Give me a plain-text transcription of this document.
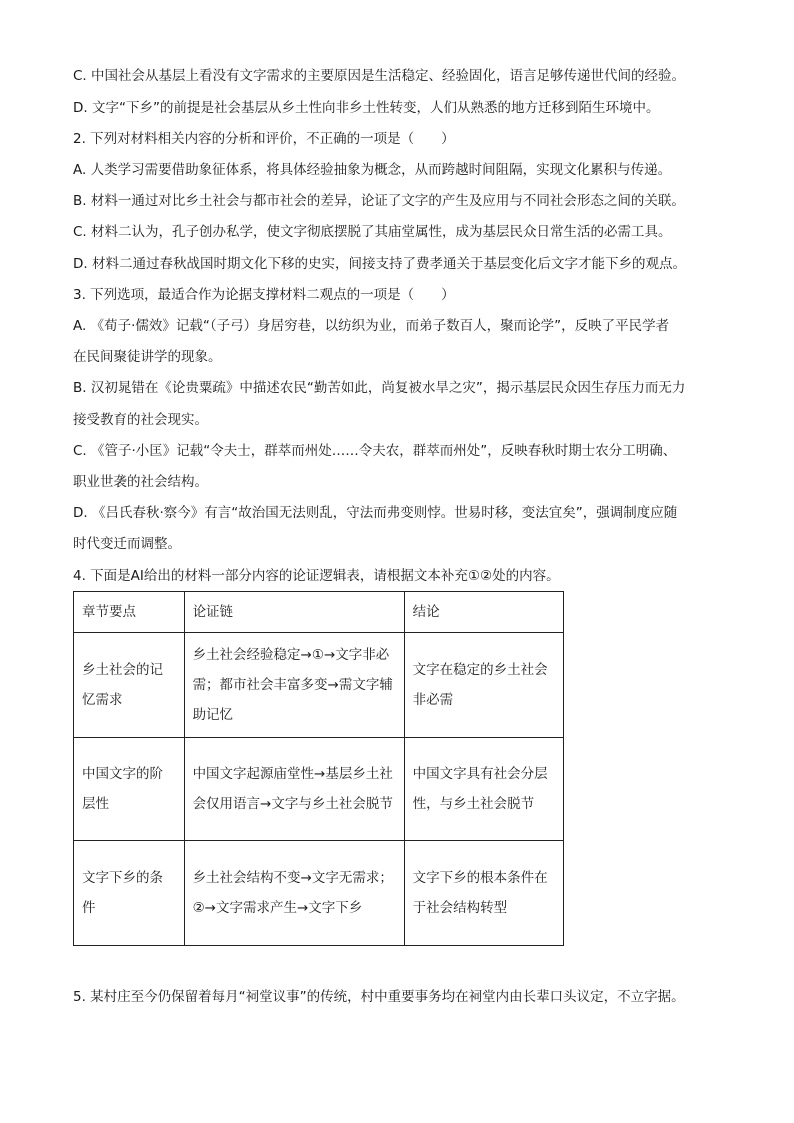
C. 中国社会从基层上看没有文字需求的主要原因是生活稳定、经验固化，语言足够传递世代间的经验。
D. 文字“下乡”的前提是社会基层从乡土性向非乡土性转变，人们从熟悉的地方迁移到陌生环境中。
2. 下列对材料相关内容的分析和评价，不正确的一项是（　　）
A. 人类学习需要借助象征体系，将具体经验抽象为概念，从而跨越时间阻隔，实现文化累积与传递。
B. 材料一通过对比乡土社会与都市社会的差异，论证了文字的产生及应用与不同社会形态之间的关联。
C. 材料二认为，孔子创办私学，使文字彻底摆脱了其庙堂属性，成为基层民众日常生活的必需工具。
D. 材料二通过春秋战国时期文化下移的史实，间接支持了费孝通关于基层变化后文字才能下乡的观点。
3. 下列选项，最适合作为论据支撑材料二观点的一项是（　　）
A. 《荀子·儒效》记载“（子弓）身居穷巷，以纺织为业，而弟子数百人，聚而论学”，反映了平民学者
在民间聚徒讲学的现象。
B. 汉初晁错在《论贵粟疏》中描述农民“勤苦如此，尚复被水旱之灾”，揭示基层民众因生存压力而无力
接受教育的社会现实。
C. 《管子·小匡》记载“令夫士，群萃而州处……令夫农，群萃而州处”，反映春秋时期士农分工明确、
职业世袭的社会结构。
D. 《吕氏春秋·察今》有言“故治国无法则乱，守法而弗变则悖。世易时移，变法宜矣”，强调制度应随
时代变迁而调整。
4. 下面是AI给出的材料一部分内容的论证逻辑表，请根据文本补充①②处的内容。
章节要点	论证链	结论

乡土社会的记忆需求	乡土社会经验稳定→①→文字非必需；都市社会丰富多变→需文字辅助记忆	文字在稳定的乡土社会非必需

中国文字的阶层性	中国文字起源庙堂性→基层乡土社会仅用语言→文字与乡土社会脱节	中国文字具有社会分层性，与乡土社会脱节

文字下乡的条件	乡土社会结构不变→文字无需求；
②→文字需求产生→文字下乡	文字下乡的根本条件在于社会结构转型
5. 某村庄至今仍保留着每月“祠堂议事”的传统，村中重要事务均在祠堂内由长辈口头议定，不立字据。
